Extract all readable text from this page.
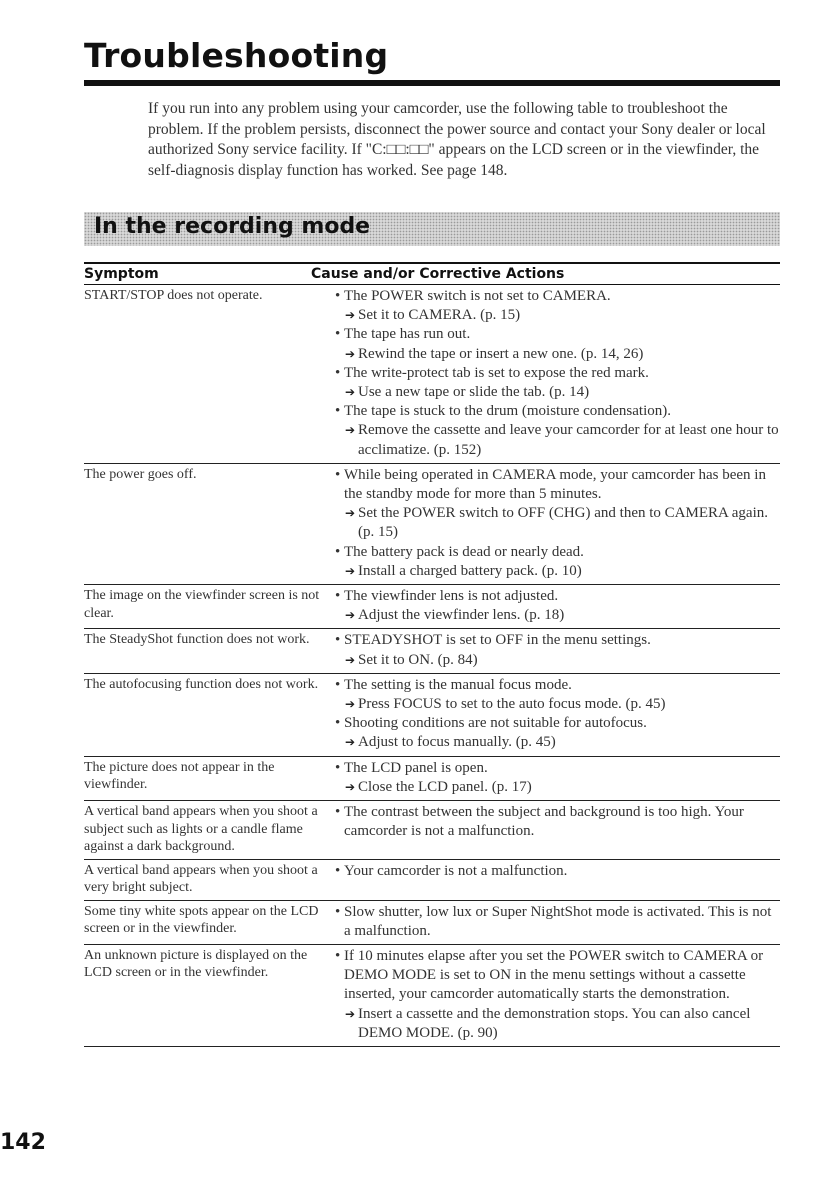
Troubleshooting
If you run into any problem using your camcorder, use the following table to troubleshoot the problem. If the problem persists, disconnect the power source and contact your Sony dealer or local authorized Sony service facility. If "C:□□:□□" appears on the LCD screen or in the viewfinder, the self-diagnosis display function has worked. See page 148.
In the recording mode
Symptom	Cause and/or Corrective Actions
START/STOP does not operate.	• The POWER switch is not set to CAMERA.
➔ Set it to CAMERA. (p. 15)
• The tape has run out.
➔ Rewind the tape or insert a new one. (p. 14, 26)
• The write-protect tab is set to expose the red mark.
➔ Use a new tape or slide the tab. (p. 14)
• The tape is stuck to the drum (moisture condensation).
➔ Remove the cassette and leave your camcorder for at least one hour to acclimatize. (p. 152)
The power goes off.	• While being operated in CAMERA mode, your camcorder has been in the standby mode for more than 5 minutes.
➔ Set the POWER switch to OFF (CHG) and then to CAMERA again. (p. 15)
• The battery pack is dead or nearly dead.
➔ Install a charged battery pack. (p. 10)
The image on the viewfinder screen is not clear.
• The viewfinder lens is not adjusted.
➔ Adjust the viewfinder lens. (p. 18)
The SteadyShot function does not work.	• STEADYSHOT is set to OFF in the menu settings.
➔ Set it to ON. (p. 84)
The autofocusing function does not work.	• The setting is the manual focus mode.
➔ Press FOCUS to set to the auto focus mode. (p. 45)
• Shooting conditions are not suitable for autofocus.
➔ Adjust to focus manually. (p. 45)
The picture does not appear in the viewfinder.
• The LCD panel is open.
➔ Close the LCD panel. (p. 17)
A vertical band appears when you shoot a subject such as lights or a candle flame against a dark background.
• The contrast between the subject and background is too high. Your camcorder is not a malfunction.
A vertical band appears when you shoot a very bright subject.
• Your camcorder is not a malfunction.
Some tiny white spots appear on the LCD screen or in the viewfinder.
• Slow shutter, low lux or Super NightShot mode is activated. This is not a malfunction.
An unknown picture is displayed on the LCD screen or in the viewfinder.
• If 10 minutes elapse after you set the POWER switch to CAMERA or DEMO MODE is set to ON in the menu settings without a cassette inserted, your camcorder automatically starts the demonstration.
➔ Insert a cassette and the demonstration stops. You can also cancel DEMO MODE. (p. 90)
142
